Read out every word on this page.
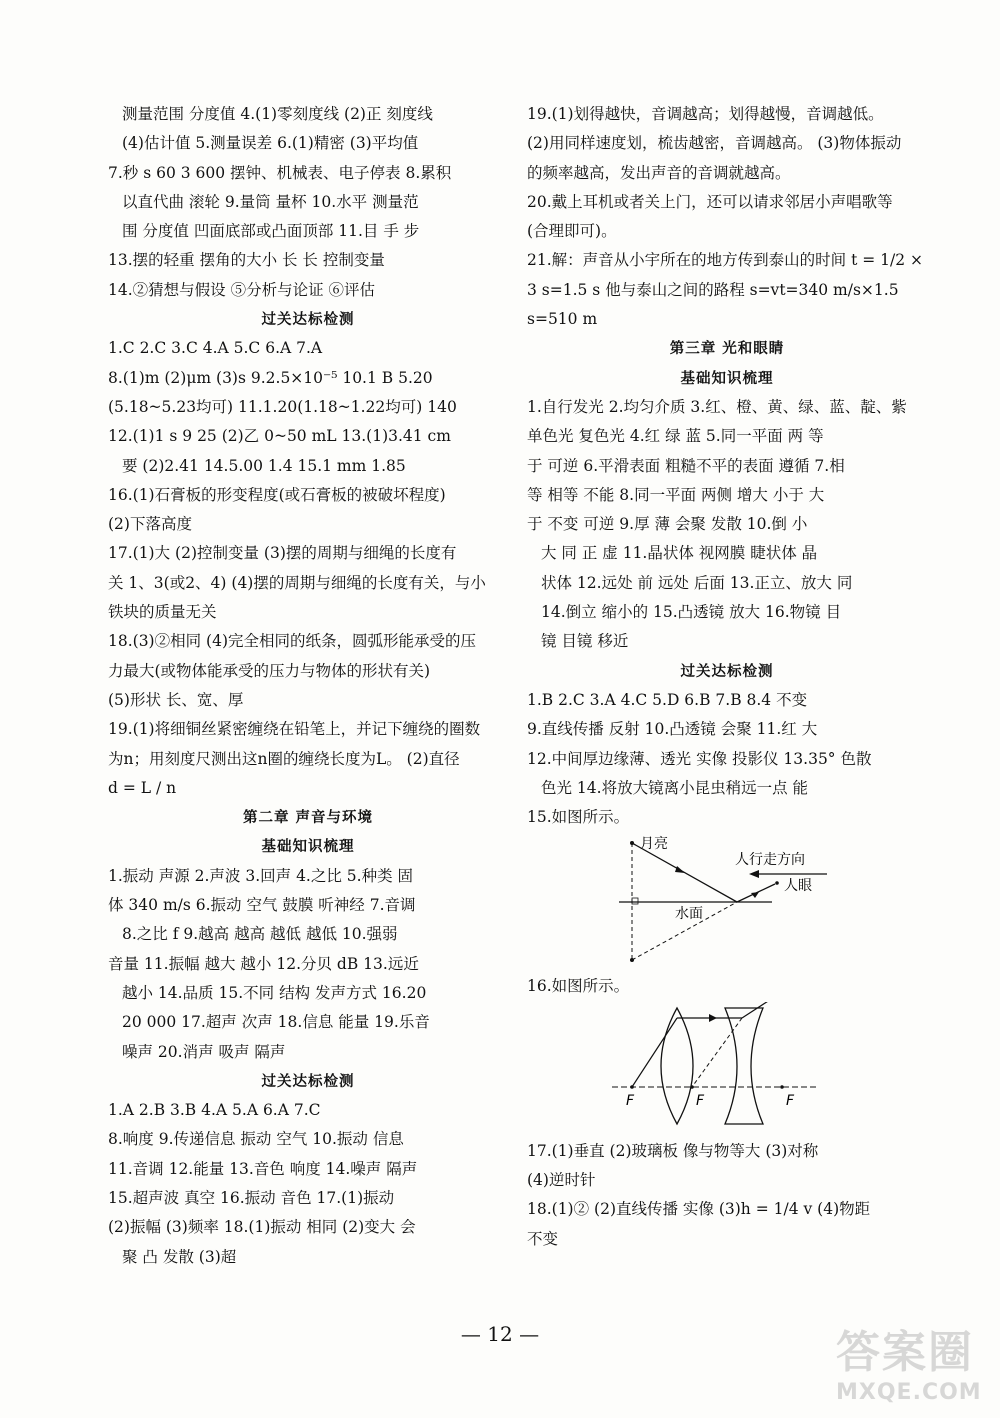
测量范围 分度值 4.(1)零刻度线 (2)正 刻度线
(4)估计值 5.测量误差 6.(1)精密 (3)平均值
7.秒 s 60 3 600 摆钟、机械表、电子停表 8.累积
以直代曲 滚轮 9.量筒 量杯 10.水平 测量范
围 分度值 凹面底部或凸面顶部 11.目 手 步
13.摆的轻重 摆角的大小 长 长 控制变量
14.②猜想与假设 ⑤分析与论证 ⑥评估
过关达标检测
1.C 2.C 3.C 4.A 5.C 6.A 7.A
8.(1)m (2)μm (3)s 9.2.5×10⁻⁵ 10.1 B 5.20
(5.18~5.23均可) 11.1.20(1.18~1.22均可) 140
12.(1)1 s 9 25 (2)乙 0~50 mL 13.(1)3.41 cm
要 (2)2.41 14.5.00 1.4 15.1 mm 1.85
16.(1)石膏板的形变程度(或石膏板的被破坏程度)
(2)下落高度
17.(1)大 (2)控制变量 (3)摆的周期与细绳的长度有
关 1、3(或2、4) (4)摆的周期与细绳的长度有关，与小
铁块的质量无关
18.(3)②相同 (4)完全相同的纸条，圆弧形能承受的压
力最大(或物体能承受的压力与物体的形状有关)
(5)形状 长、宽、厚
19.(1)将细铜丝紧密缠绕在铅笔上，并记下缠绕的圈数
为n；用刻度尺测出这n圈的缠绕长度为L。 (2)直径
d = L / n
第二章 声音与环境
基础知识梳理
1.振动 声源 2.声波 3.回声 4.之比 5.种类 固
体 340 m/s 6.振动 空气 鼓膜 听神经 7.音调
8.之比 f 9.越高 越高 越低 越低 10.强弱
音量 11.振幅 越大 越小 12.分贝 dB 13.远近
越小 14.品质 15.不同 结构 发声方式 16.20
20 000 17.超声 次声 18.信息 能量 19.乐音
噪声 20.消声 吸声 隔声
过关达标检测
1.A 2.B 3.B 4.A 5.A 6.A 7.C
8.响度 9.传递信息 振动 空气 10.振动 信息
11.音调 12.能量 13.音色 响度 14.噪声 隔声
15.超声波 真空 16.振动 音色 17.(1)振动
(2)振幅 (3)频率 18.(1)振动 相同 (2)变大 会
聚 凸 发散 (3)超
19.(1)划得越快，音调越高；划得越慢，音调越低。
(2)用同样速度划，梳齿越密，音调越高。 (3)物体振动
的频率越高，发出声音的音调就越高。
20.戴上耳机或者关上门，还可以请求邻居小声唱歌等
(合理即可)。
21.解：声音从小宇所在的地方传到泰山的时间 t = 1/2 ×
3 s=1.5 s 他与泰山之间的路程 s=vt=340 m/s×1.5
s=510 m
第三章 光和眼睛
基础知识梳理
1.自行发光 2.均匀介质 3.红、橙、黄、绿、蓝、靛、紫
单色光 复色光 4.红 绿 蓝 5.同一平面 两 等
于 可逆 6.平滑表面 粗糙不平的表面 遵循 7.相
等 相等 不能 8.同一平面 两侧 增大 小于 大
于 不变 可逆 9.厚 薄 会聚 发散 10.倒 小
大 同 正 虚 11.晶状体 视网膜 睫状体 晶
状体 12.远处 前 远处 后面 13.正立、放大 同
14.倒立 缩小的 15.凸透镜 放大 16.物镜 目
镜 目镜 移近
过关达标检测
1.B 2.C 3.A 4.C 5.D 6.B 7.B 8.4 不变
9.直线传播 反射 10.凸透镜 会聚 11.红 大
12.中间厚边缘薄、透光 实像 投影仪 13.35° 色散
色光 14.将放大镜离小昆虫稍远一点 能
15.如图所示。
月亮
人行走方向
人眼
水面
16.如图所示。
F	F	F
17.(1)垂直 (2)玻璃板 像与物等大 (3)对称
(4)逆时针
18.(1)② (2)直线传播 实像 (3)h = 1/4 v (4)物距
不变
— 12 —	答案圈
MXQE.COM
